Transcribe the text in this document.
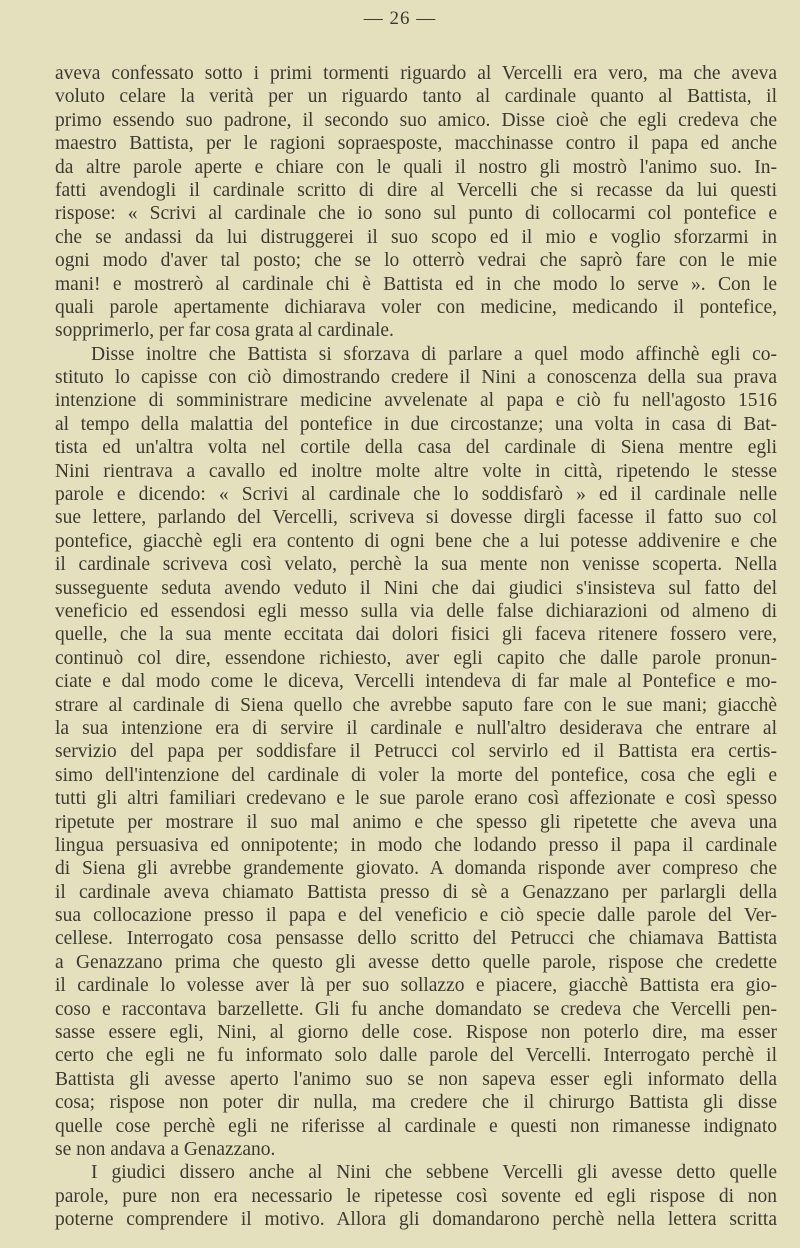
— 26 —
aveva confessato sotto i primi tormenti riguardo al Vercelli era vero, ma che aveva
voluto celare la verità per un riguardo tanto al cardinale quanto al Battista, il
primo essendo suo padrone, il secondo suo amico. Disse cioè che egli credeva che
maestro Battista, per le ragioni sopraesposte, macchinasse contro il papa ed anche
da altre parole aperte e chiare con le quali il nostro gli mostrò l'animo suo. In-
fatti avendogli il cardinale scritto di dire al Vercelli che si recasse da lui questi
rispose: « Scrivi al cardinale che io sono sul punto di collocarmi col pontefice e
che se andassi da lui distruggerei il suo scopo ed il mio e voglio sforzarmi in
ogni modo d'aver tal posto; che se lo otterrò vedrai che saprò fare con le mie
mani! e mostrerò al cardinale chi è Battista ed in che modo lo serve ». Con le
quali parole apertamente dichiarava voler con medicine, medicando il pontefice,
sopprimerlo, per far cosa grata al cardinale.
Disse inoltre che Battista si sforzava di parlare a quel modo affinchè egli co-
stituto lo capisse con ciò dimostrando credere il Nini a conoscenza della sua prava
intenzione di somministrare medicine avvelenate al papa e ciò fu nell'agosto 1516
al tempo della malattia del pontefice in due circostanze; una volta in casa di Bat-
tista ed un'altra volta nel cortile della casa del cardinale di Siena mentre egli
Nini rientrava a cavallo ed inoltre molte altre volte in città, ripetendo le stesse
parole e dicendo: « Scrivi al cardinale che lo soddisfarò » ed il cardinale nelle
sue lettere, parlando del Vercelli, scriveva si dovesse dirgli facesse il fatto suo col
pontefice, giacchè egli era contento di ogni bene che a lui potesse addivenire e che
il cardinale scriveva così velato, perchè la sua mente non venisse scoperta. Nella
susseguente seduta avendo veduto il Nini che dai giudici s'insisteva sul fatto del
veneficio ed essendosi egli messo sulla via delle false dichiarazioni od almeno di
quelle, che la sua mente eccitata dai dolori fisici gli faceva ritenere fossero vere,
continuò col dire, essendone richiesto, aver egli capito che dalle parole pronun-
ciate e dal modo come le diceva, Vercelli intendeva di far male al Pontefice e mo-
strare al cardinale di Siena quello che avrebbe saputo fare con le sue mani; giacchè
la sua intenzione era di servire il cardinale e null'altro desiderava che entrare al
servizio del papa per soddisfare il Petrucci col servirlo ed il Battista era certis-
simo dell'intenzione del cardinale di voler la morte del pontefice, cosa che egli e
tutti gli altri familiari credevano e le sue parole erano così affezionate e così spesso
ripetute per mostrare il suo mal animo e che spesso gli ripetette che aveva una
lingua persuasiva ed onnipotente; in modo che lodando presso il papa il cardinale
di Siena gli avrebbe grandemente giovato. A domanda risponde aver compreso che
il cardinale aveva chiamato Battista presso di sè a Genazzano per parlargli della
sua collocazione presso il papa e del veneficio e ciò specie dalle parole del Ver-
cellese. Interrogato cosa pensasse dello scritto del Petrucci che chiamava Battista
a Genazzano prima che questo gli avesse detto quelle parole, rispose che credette
il cardinale lo volesse aver là per suo sollazzo e piacere, giacchè Battista era gio-
coso e raccontava barzellette. Gli fu anche domandato se credeva che Vercelli pen-
sasse essere egli, Nini, al giorno delle cose. Rispose non poterlo dire, ma esser
certo che egli ne fu informato solo dalle parole del Vercelli. Interrogato perchè il
Battista gli avesse aperto l'animo suo se non sapeva esser egli informato della
cosa; rispose non poter dir nulla, ma credere che il chirurgo Battista gli disse
quelle cose perchè egli ne riferisse al cardinale e questi non rimanesse indignato
se non andava a Genazzano.
I giudici dissero anche al Nini che sebbene Vercelli gli avesse detto quelle
parole, pure non era necessario le ripetesse così sovente ed egli rispose di non
poterne comprendere il motivo. Allora gli domandarono perchè nella lettera scritta
